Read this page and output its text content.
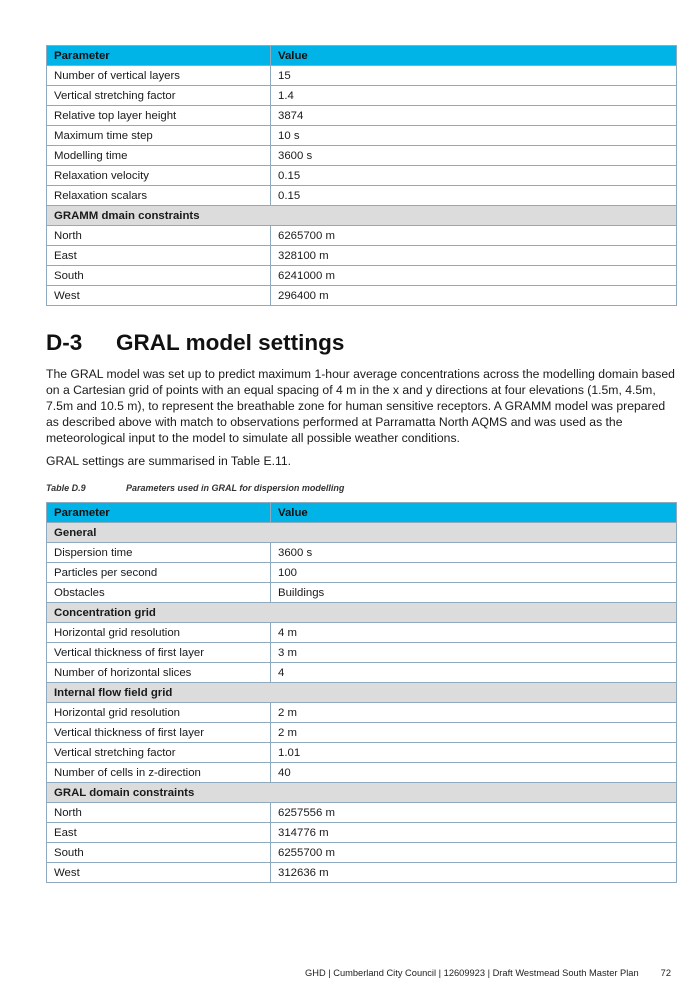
Parameter	Value
Number of vertical layers	15
Vertical stretching factor	1.4
Relative top layer height	3874
Maximum time step	10 s
Modelling time	3600 s
Relaxation velocity	0.15
Relaxation scalars	0.15
GRAMM dmain constraints	
North	6265700 m
East	328100 m
South	6241000 m
West	296400 m
D-3 GRAL model settings

The GRAL model was set up to predict maximum 1-hour average concentrations across the modelling domain based on a Cartesian grid of points with an equal spacing of 4 m in the x and y directions at four elevations (1.5m, 4.5m, 7.5m and 10.5 m), to represent the breathable zone for human sensitive receptors. A GRAMM model was prepared as described above with match to observations performed at Parramatta North AQMS and was used as the meteorological input to the model to simulate all possible weather conditions.

GRAL settings are summarised in Table E.11.

Table D.9	Parameters used in GRAL for dispersion modelling
Parameter	Value
General	
Dispersion time	3600 s
Particles per second	100
Obstacles	Buildings
Concentration grid	
Horizontal grid resolution	4 m
Vertical thickness of first layer	3 m
Number of horizontal slices	4
Internal flow field grid	
Horizontal grid resolution	2 m
Vertical thickness of first layer	2 m
Vertical stretching factor	1.01
Number of cells in z-direction	40
GRAL domain constraints	
North	6257556 m
East	314776 m
South	6255700 m
West	312636 m
GHD | Cumberland City Council | 12609923 | Draft Westmead South Master Plan 72
